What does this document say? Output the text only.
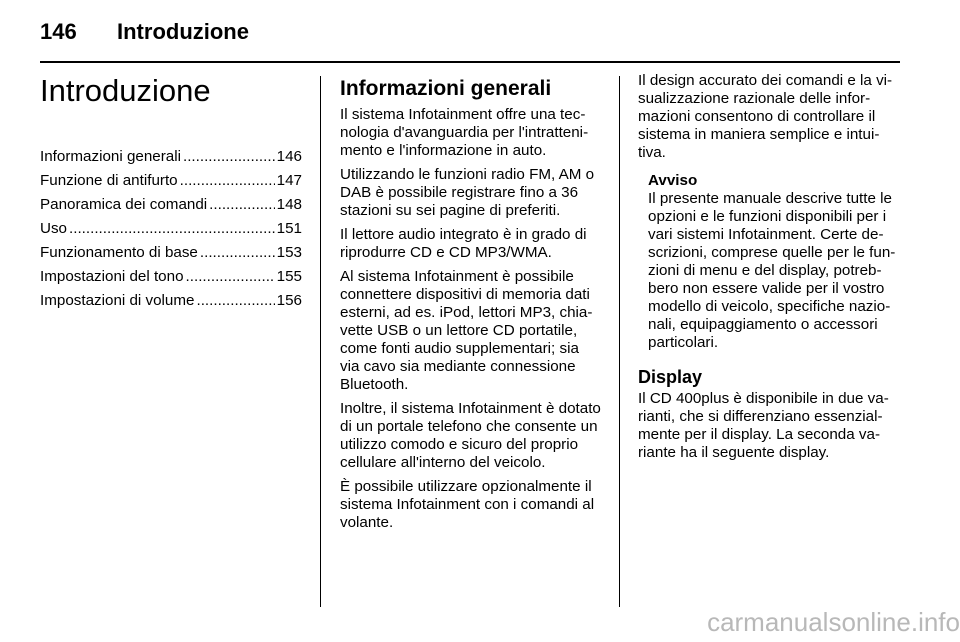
146 Introduzione
Introduzione
Informazioni generali .....	146
Funzione di antifurto .....	147
Panoramica dei comandi .....	148
Uso .....	151
Funzionamento di base .....	153
Impostazioni del tono .....	155
Impostazioni di volume .....	156
Informazioni generali

Il sistema Infotainment offre una tecnologia d'avanguardia per l'intrattenimento e l'informazione in auto.

Utilizzando le funzioni radio FM, AM o DAB è possibile registrare fino a 36 stazioni su sei pagine di preferiti.

Il lettore audio integrato è in grado di riprodurre CD e CD MP3/WMA.

Al sistema Infotainment è possibile connettere dispositivi di memoria dati esterni, ad es. iPod, lettori MP3, chiavette USB o un lettore CD portatile, come fonti audio supplementari; sia via cavo sia mediante connessione Bluetooth.

Inoltre, il sistema Infotainment è dotato di un portale telefono che consente un utilizzo comodo e sicuro del proprio cellulare all'interno del veicolo.

È possibile utilizzare opzionalmente il sistema Infotainment con i comandi al volante.

Il design accurato dei comandi e la visualizzazione razionale delle informazioni consentono di controllare il sistema in maniera semplice e intuitiva.

Avviso
Il presente manuale descrive tutte le opzioni e le funzioni disponibili per i vari sistemi Infotainment. Certe descrizioni, comprese quelle per le funzioni di menu e del display, potrebbero non essere valide per il vostro modello di veicolo, specifiche nazionali, equipaggiamento o accessori particolari.
Display

Il CD 400plus è disponibile in due varianti, che si differenziano essenzialmente per il display. La seconda variante ha il seguente display.

carmanualsonline.info
